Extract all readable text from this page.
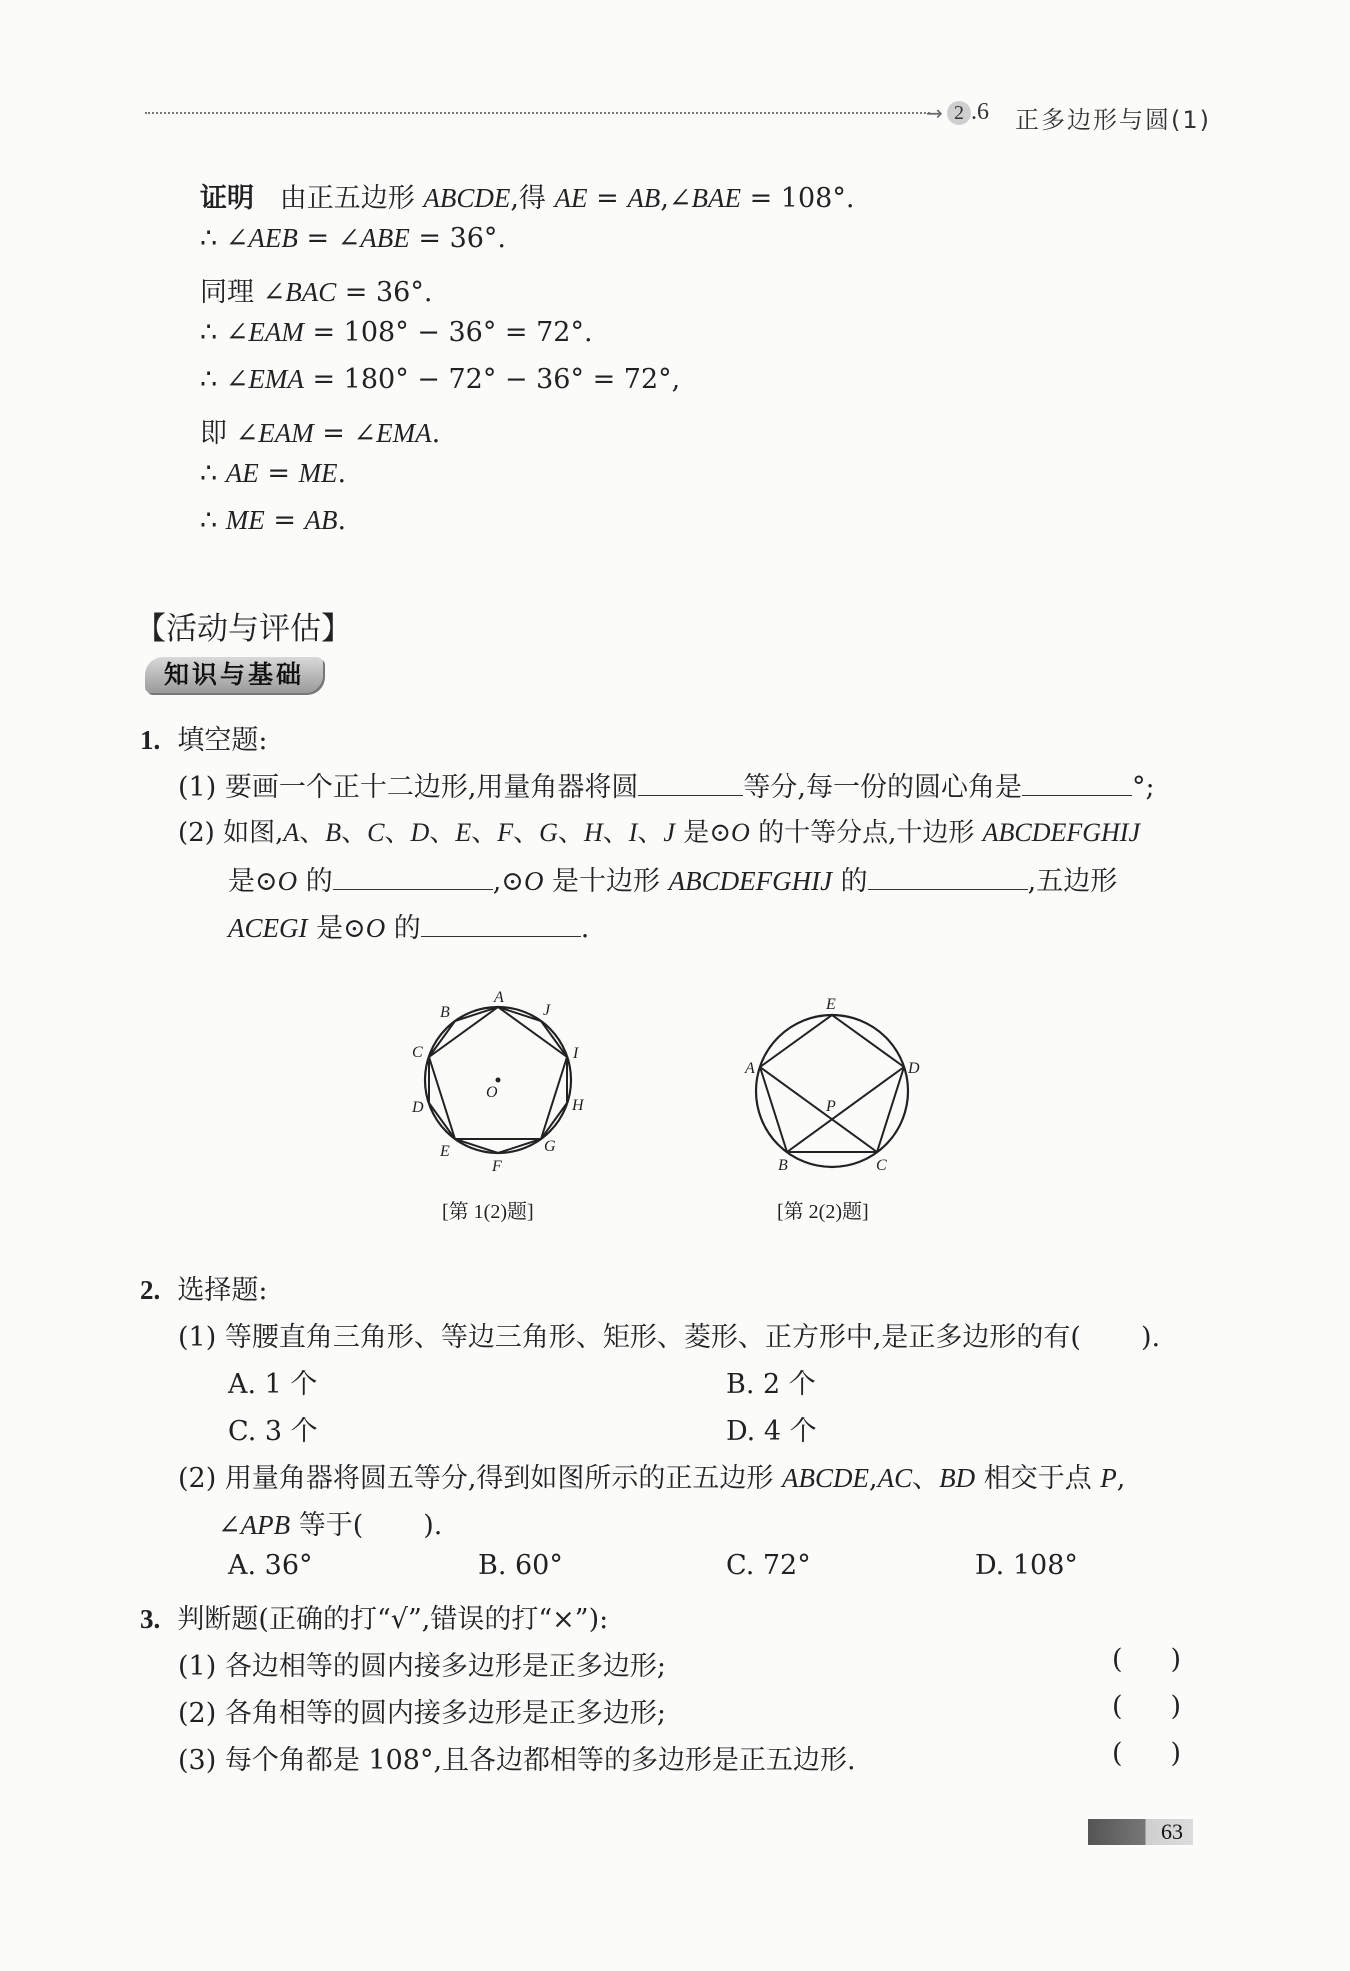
→ 2 .6 正多边形与圆(1)
证明 由正五边形 ABCDE,得 AE = AB,∠BAE = 108°.
∴ ∠AEB = ∠ABE = 36°.
同理 ∠BAC = 36°.
∴ ∠EAM = 108° − 36° = 72°.
∴ ∠EMA = 180° − 72° − 36° = 72°,
即 ∠EAM = ∠EMA.
∴ AE = ME.
∴ ME = AB.
【活动与评估】
知识与基础
1. 填空题:
(1) 要画一个正十二边形,用量角器将圆	等分,每一份的圆心角是	°;
(2) 如图,A、B、C、D、E、F、G、H、I、J 是⊙O 的十等分点,十边形 ABCDEFGHIJ
是⊙O 的	,⊙O 是十边形 ABCDEFGHIJ 的	,五边形
ACEGI 是⊙O 的	.
A
B
C
D
E
F
G
H
I
J
O
[第 1(2)题]
E
A	D
B	C
P
[第 2(2)题]
2. 选择题:
(1) 等腰直角三角形、等边三角形、矩形、菱形、正方形中,是正多边形的有( ).
A. 1 个	B. 2 个
C. 3 个	D. 4 个
(2) 用量角器将圆五等分,得到如图所示的正五边形 ABCDE,AC、BD 相交于点 P,
∠APB 等于( ).
A. 36°	B. 60°	C. 72°	D. 108°
3. 判断题(正确的打“√”,错误的打“×”):
(1) 各边相等的圆内接多边形是正多边形;
(2) 各角相等的圆内接多边形是正多边形;
(3) 每个角都是 108°,且各边都相等的多边形是正五边形.
( )
( )
( )
63
